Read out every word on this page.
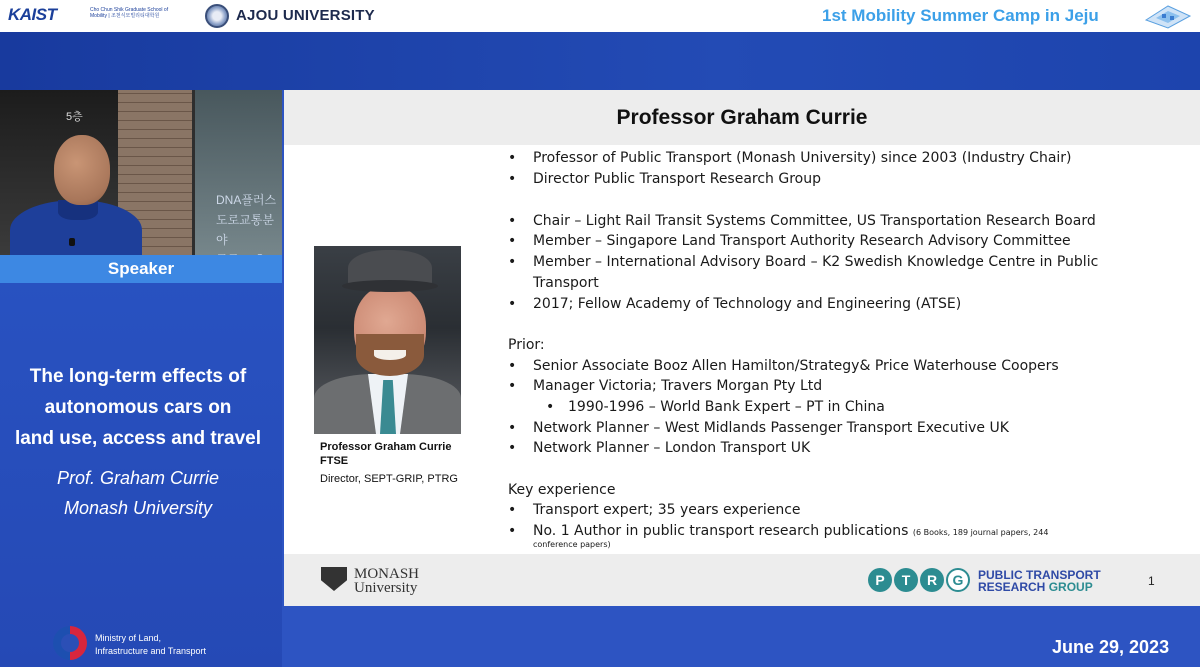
KAIST	Cho Chun Shik Graduate School of Mobility | 조천식모빌리티대학원	AJOU UNIVERSITY	1st Mobility Summer Camp in Jeju
5층
DNA플러스
도로교통분야
Speaker
The long-term effects of
autonomous cars on
land use, access and travel
Prof. Graham Currie
Monash University
Ministry of Land,
Infrastructure and Transport	June 29, 2023
Professor Graham Currie
Professor Graham Currie
FTSE
Director, SEPT-GRIP, PTRG
• Professor of Public Transport (Monash University) since 2003 (Industry Chair)
• Director Public Transport Research Group
• Chair – Light Rail Transit Systems Committee, US Transportation Research Board
• Member – Singapore Land Transport Authority Research Advisory Committee
• Member – International Advisory Board – K2 Swedish Knowledge Centre in Public
Transport
• 2017; Fellow Academy of Technology and Engineering (ATSE)
Prior:
• Senior Associate Booz Allen Hamilton/Strategy& Price Waterhouse Coopers
• Manager Victoria; Travers Morgan Pty Ltd
• 1990-1996 – World Bank Expert – PT in China
• Network Planner – West Midlands Passenger Transport Executive UK
• Network Planner – London Transport UK
Key experience
• Transport expert; 35 years experience
• No. 1 Author in public transport research publications (6 Books, 189 journal papers, 244
conference papers)
MONASH
University	P	T	R	G	PUBLIC TRANSPORT
RESEARCH GROUP	1
